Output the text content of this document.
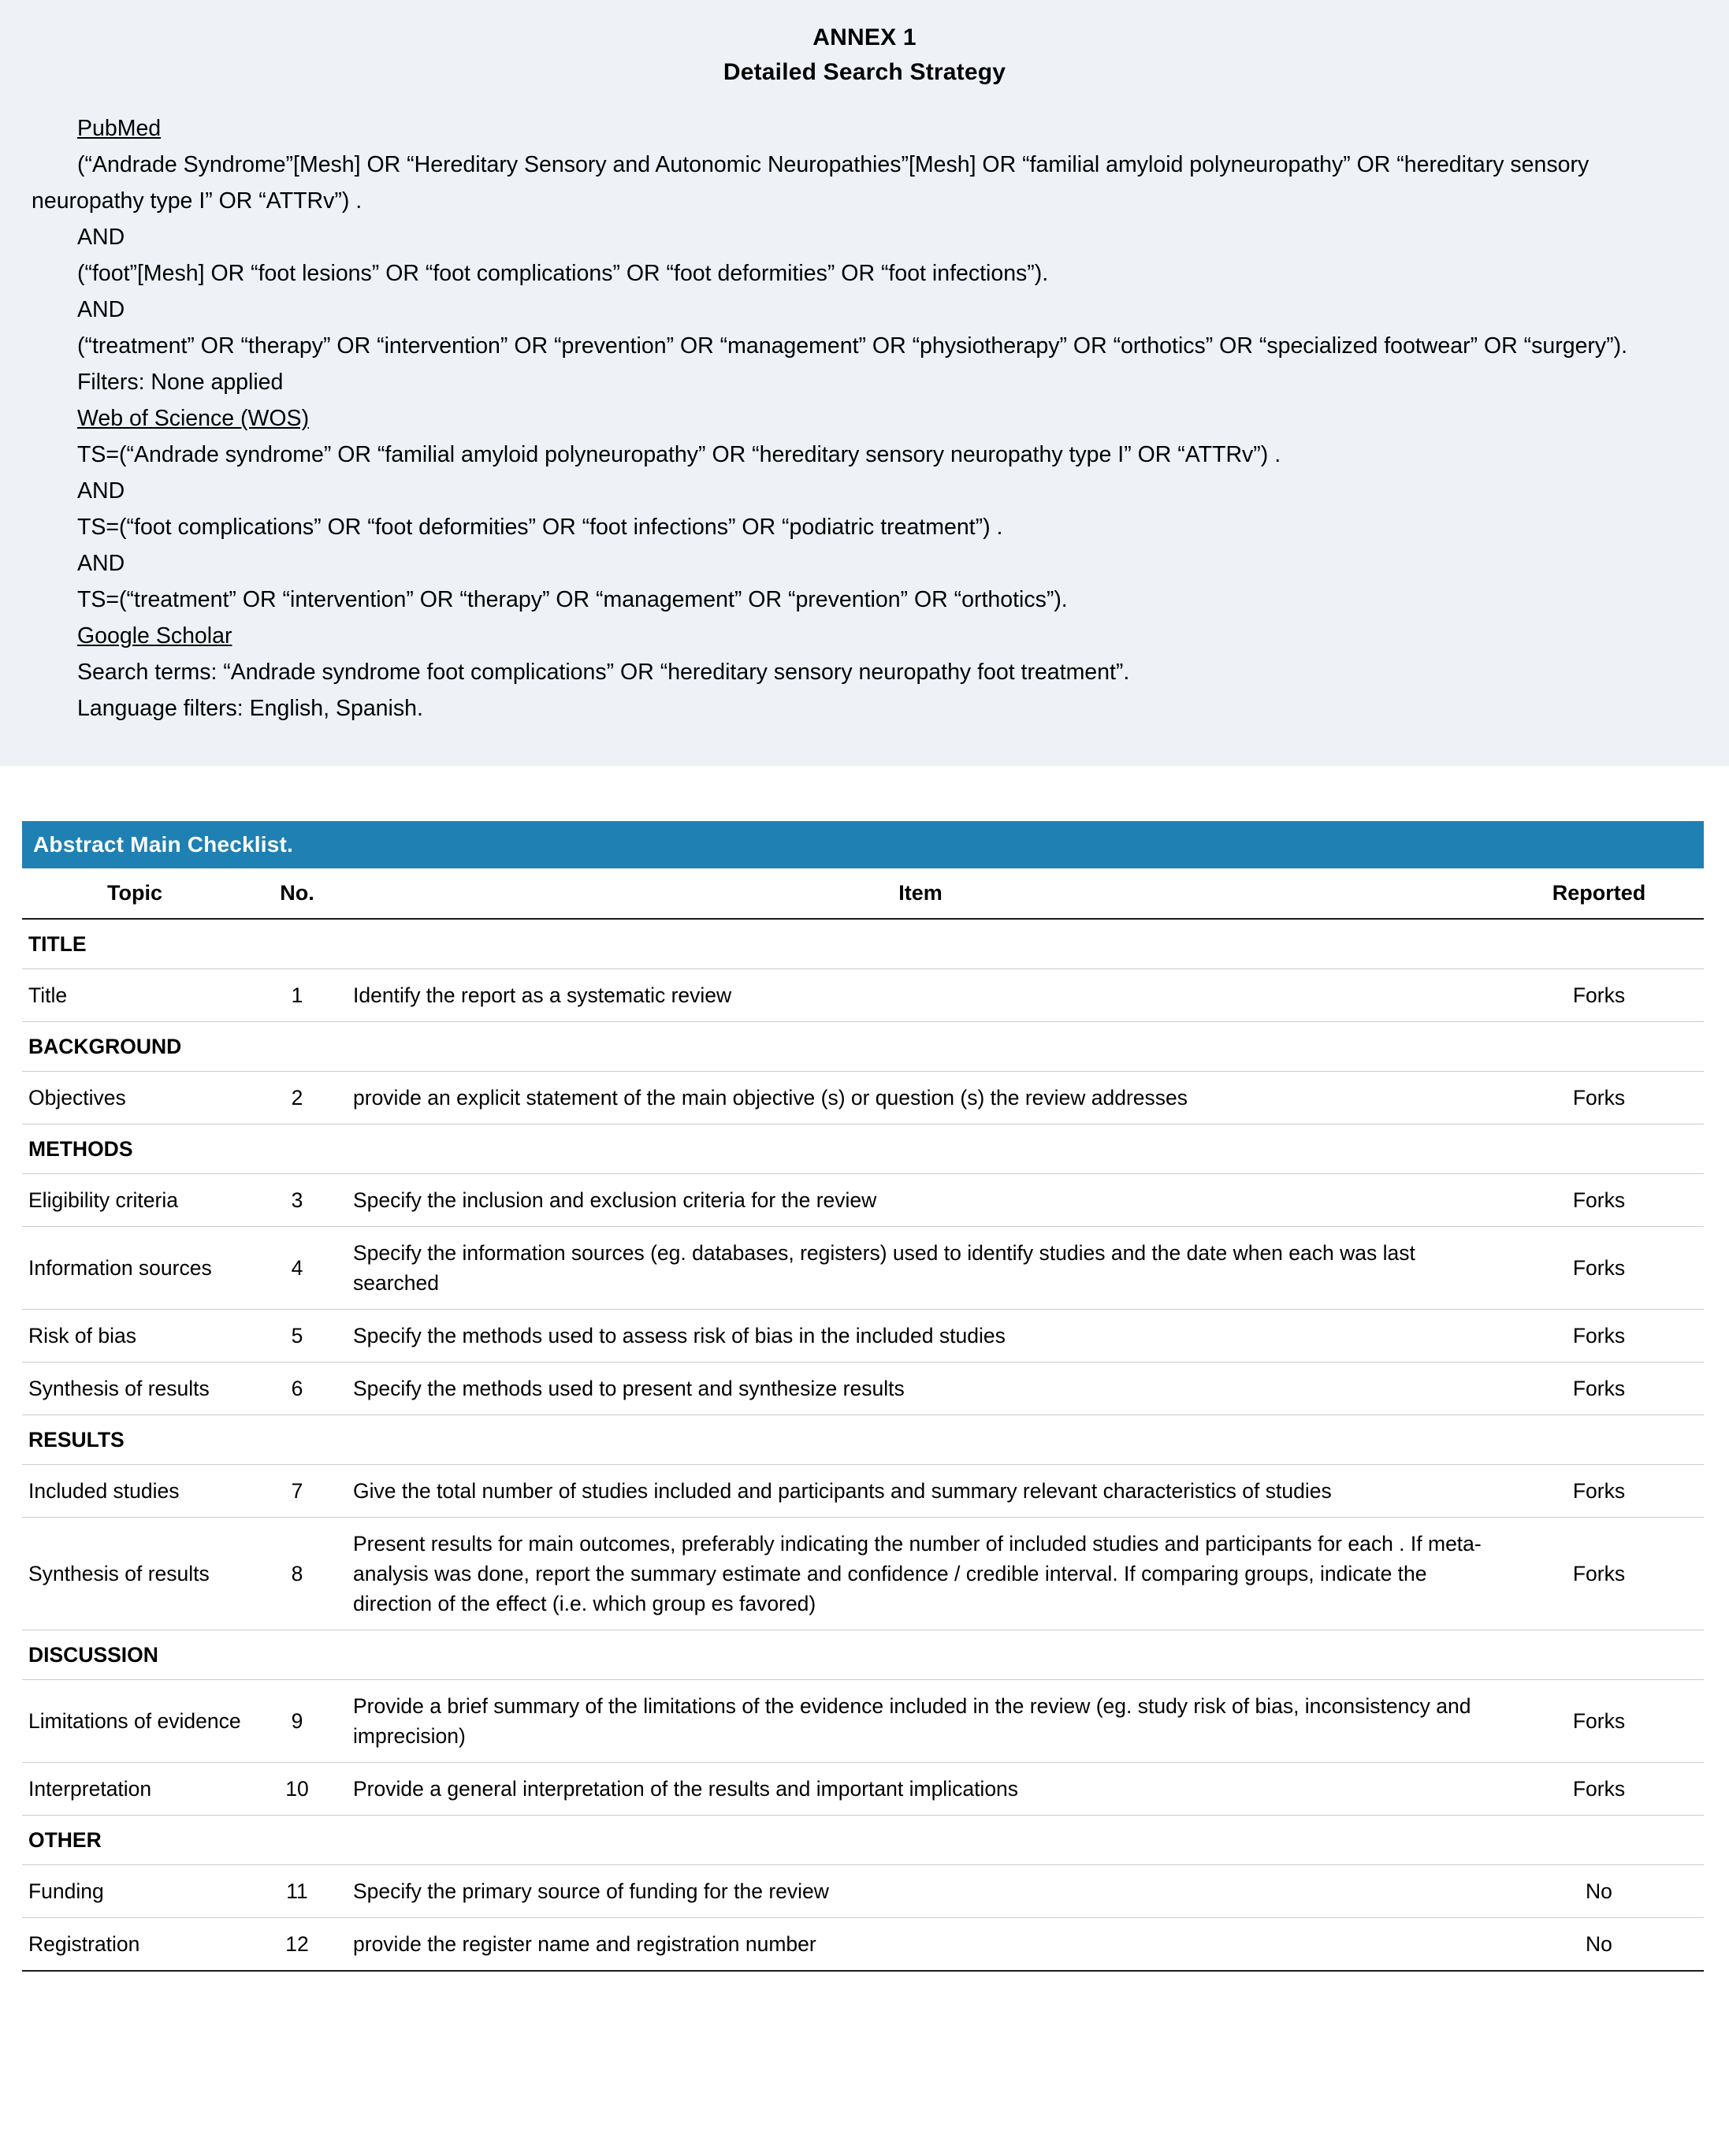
ANNEX 1
Detailed Search Strategy

PubMed

(“Andrade Syndrome”[Mesh] OR “Hereditary Sensory and Autonomic Neuropathies”[Mesh] OR “familial amyloid polyneuropathy” OR “hereditary sensory neuropathy type I” OR “ATTRv”) .

AND

(“foot”[Mesh] OR “foot lesions” OR “foot complications” OR “foot deformities” OR “foot infections”).

AND

(“treatment” OR “therapy” OR “intervention” OR “prevention” OR “management” OR “physiotherapy” OR “orthotics” OR “specialized footwear” OR “surgery”).

Filters: None applied

Web of Science (WOS)

TS=(“Andrade syndrome” OR “familial amyloid polyneuropathy” OR “hereditary sensory neuropathy type I” OR “ATTRv”) .

AND

TS=(“foot complications” OR “foot deformities” OR “foot infections” OR “podiatric treatment”) .

AND

TS=(“treatment” OR “intervention” OR “therapy” OR “management” OR “prevention” OR “orthotics”).

Google Scholar

Search terms: “Andrade syndrome foot complications” OR “hereditary sensory neuropathy foot treatment”.

Language filters: English, Spanish.

Abstract Main Checklist.
Topic	No.	Item	Reported
TITLE			
Title	1	Identify the report as a systematic review	Forks
BACKGROUND			
Objectives	2	provide an explicit statement of the main objective (s) or question (s) the review addresses	Forks
METHODS			
Eligibility criteria	3	Specify the inclusion and exclusion criteria for the review	Forks
Information sources	4	Specify the information sources (eg. databases, registers) used to identify studies and the date when each was last searched	Forks
Risk of bias	5	Specify the methods used to assess risk of bias in the included studies	Forks
Synthesis of results	6	Specify the methods used to present and synthesize results	Forks
RESULTS			
Included studies	7	Give the total number of studies included and participants and summary relevant characteristics of studies	Forks
Synthesis of results	8	Present results for main outcomes, preferably indicating the number of included studies and participants for each . If meta- analysis was done, report the summary estimate and confidence / credible interval. If comparing groups, indicate the direction of the effect (i.e. which group es favored)	Forks
DISCUSSION			
Limitations of evidence	9	Provide a brief summary of the limitations of the evidence included in the review (eg. study risk of bias, inconsistency and imprecision)	Forks
Interpretation	10	Provide a general interpretation of the results and important implications	Forks
OTHER			
Funding	11	Specify the primary source of funding for the review	No
Registration	12	provide the register name and registration number	No
